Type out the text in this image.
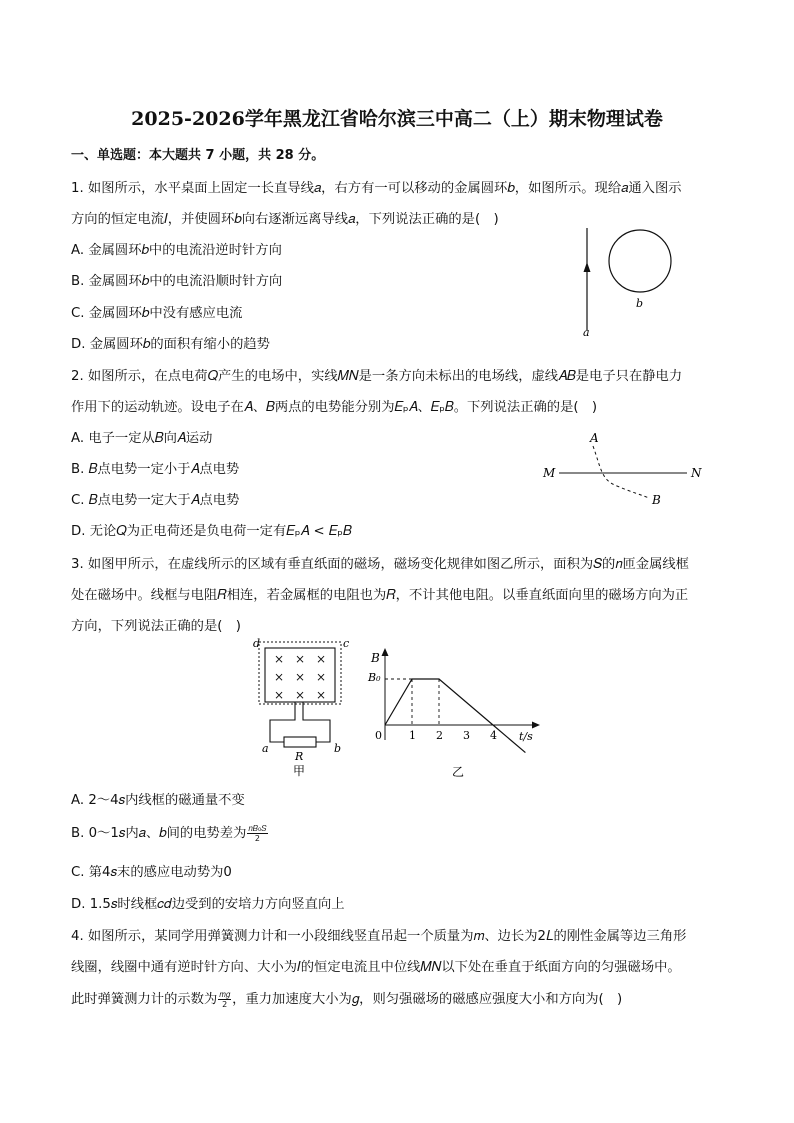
2025-2026学年黑龙江省哈尔滨三中高二（上）期末物理试卷
一、单选题：本大题共 7 小题，共 28 分。
1. 如图所示，水平桌面上固定一长直导线𝑎，右方有一可以移动的金属圆环𝑏，如图所示。现给𝑎通入图示
方向的恒定电流𝐼，并使圆环𝑏向右逐渐远离导线𝑎，下列说法正确的是(　)
A. 金属圆环𝑏中的电流沿逆时针方向
B. 金属圆环𝑏中的电流沿顺时针方向
C. 金属圆环𝑏中没有感应电流
D. 金属圆环𝑏的面积有缩小的趋势
a
b
2. 如图所示，在点电荷𝑄产生的电场中，实线𝑀𝑁是一条方向未标出的电场线，虚线𝐴𝐵是电子只在静电力
作用下的运动轨迹。设电子在𝐴、𝐵两点的电势能分别为𝐸ₚ𝐴、𝐸ₚ𝐵。下列说法正确的是(　)
A. 电子一定从𝐵向𝐴运动
B. 𝐵点电势一定小于𝐴点电势
C. 𝐵点电势一定大于𝐴点电势
D. 无论𝑄为正电荷还是负电荷一定有𝐸ₚ𝐴 < 𝐸ₚ𝐵
A
B
M	N
3. 如图甲所示，在虚线所示的区域有垂直纸面的磁场，磁场变化规律如图乙所示，面积为𝑆的𝑛匝金属线框
处在磁场中。线框与电阻𝑅相连，若金属框的电阻也为𝑅，不计其他电阻。以垂直纸面向里的磁场方向为正
方向，下列说法正确的是(　)
d	c
× × ×
× × ×
× × ×
a	b
R
甲
B
B₀
t/s
0 1 2 3 4
乙
A. 2～4𝑠内线框的磁通量不变
B. 0～1𝑠内𝑎、𝑏间的电势差为 $\frac{\text{𝑛𝐵₀𝑆}}{2}$
C. 第4𝑠末的感应电动势为0
D. 1.5𝑠时线框𝑐𝑑边受到的安培力方向竖直向上
4. 如图所示，某同学用弹簧测力计和一小段细线竖直吊起一个质量为𝑚、边长为2𝐿的刚性金属等边三角形
线圈，线圈中通有逆时针方向、大小为𝐼的恒定电流且中位线𝑀𝑁以下处在垂直于纸面方向的匀强磁场中。
此时弹簧测力计的示数为 $\frac{\text{𝑚𝑔}}{2}$ ，重力加速度大小为𝑔，则匀强磁场的磁感应强度大小和方向为(　)
